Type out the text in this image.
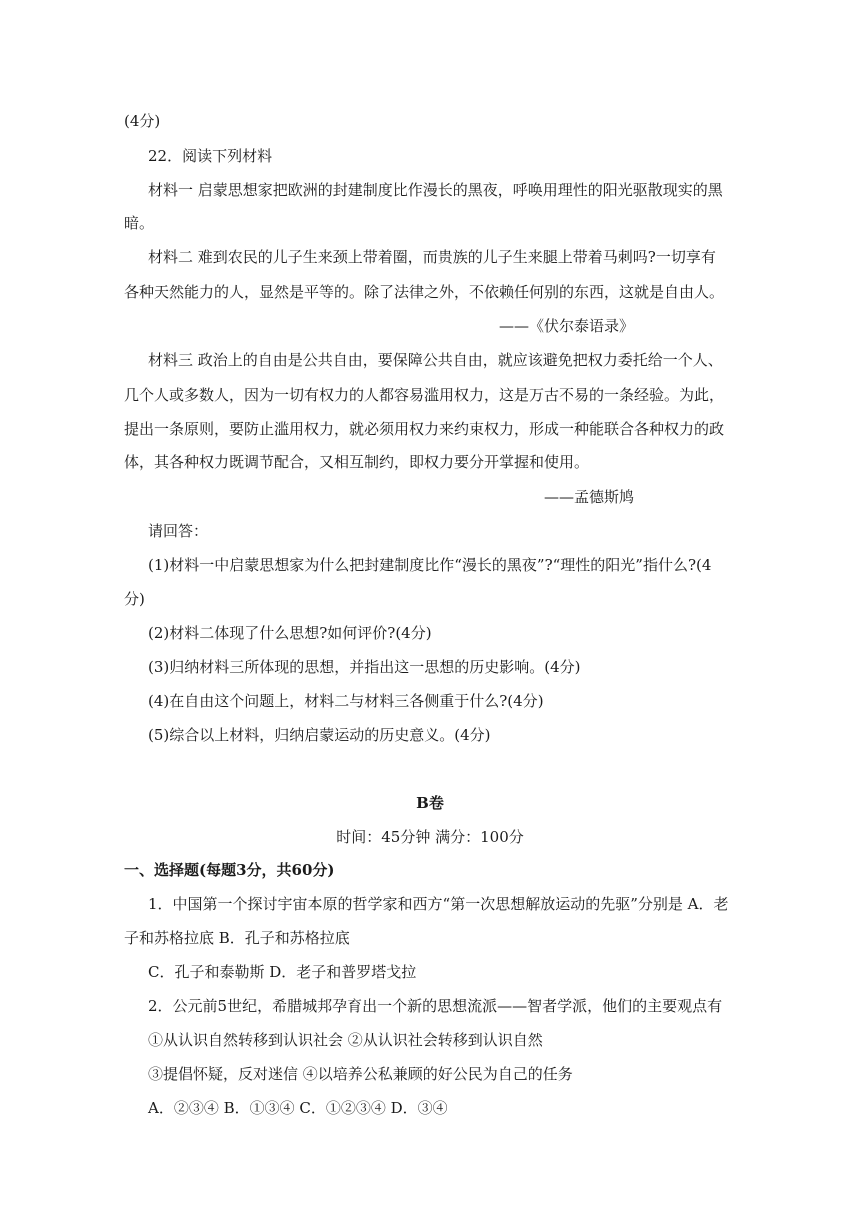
(4分)
22．阅读下列材料
材料一 启蒙思想家把欧洲的封建制度比作漫长的黑夜，呼唤用理性的阳光驱散现实的黑
暗。
材料二 难到农民的儿子生来颈上带着圈，而贵族的儿子生来腿上带着马刺吗?一切享有
各种天然能力的人，显然是平等的。除了法律之外，不依赖任何别的东西，这就是自由人。
——《伏尔泰语录》
材料三 政治上的自由是公共自由，要保障公共自由，就应该避免把权力委托给一个人、
几个人或多数人，因为一切有权力的人都容易滥用权力，这是万古不易的一条经验。为此，
提出一条原则，要防止滥用权力，就必须用权力来约束权力，形成一种能联合各种权力的政
体，其各种权力既调节配合，又相互制约，即权力要分开掌握和使用。
——孟德斯鸠
请回答：
(1)材料一中启蒙思想家为什么把封建制度比作“漫长的黑夜”?“理性的阳光”指什么?(4
分)
(2)材料二体现了什么思想?如何评价?(4分)
(3)归纳材料三所体现的思想，并指出这一思想的历史影响。(4分)
(4)在自由这个问题上，材料二与材料三各侧重于什么?(4分)
(5)综合以上材料，归纳启蒙运动的历史意义。(4分)
B卷
时间：45分钟 满分：100分
一、选择题(每题3分，共60分)
1．中国第一个探讨宇宙本原的哲学家和西方“第一次思想解放运动的先驱”分别是 A．老
子和苏格拉底 B．孔子和苏格拉底
C．孔子和泰勒斯 D．老子和普罗塔戈拉
2．公元前5世纪，希腊城邦孕育出一个新的思想流派——智者学派，他们的主要观点有
①从认识自然转移到认识社会 ②从认识社会转移到认识自然
③提倡怀疑，反对迷信 ④以培养公私兼顾的好公民为自己的任务
A．②③④ B．①③④ C．①②③④ D．③④
